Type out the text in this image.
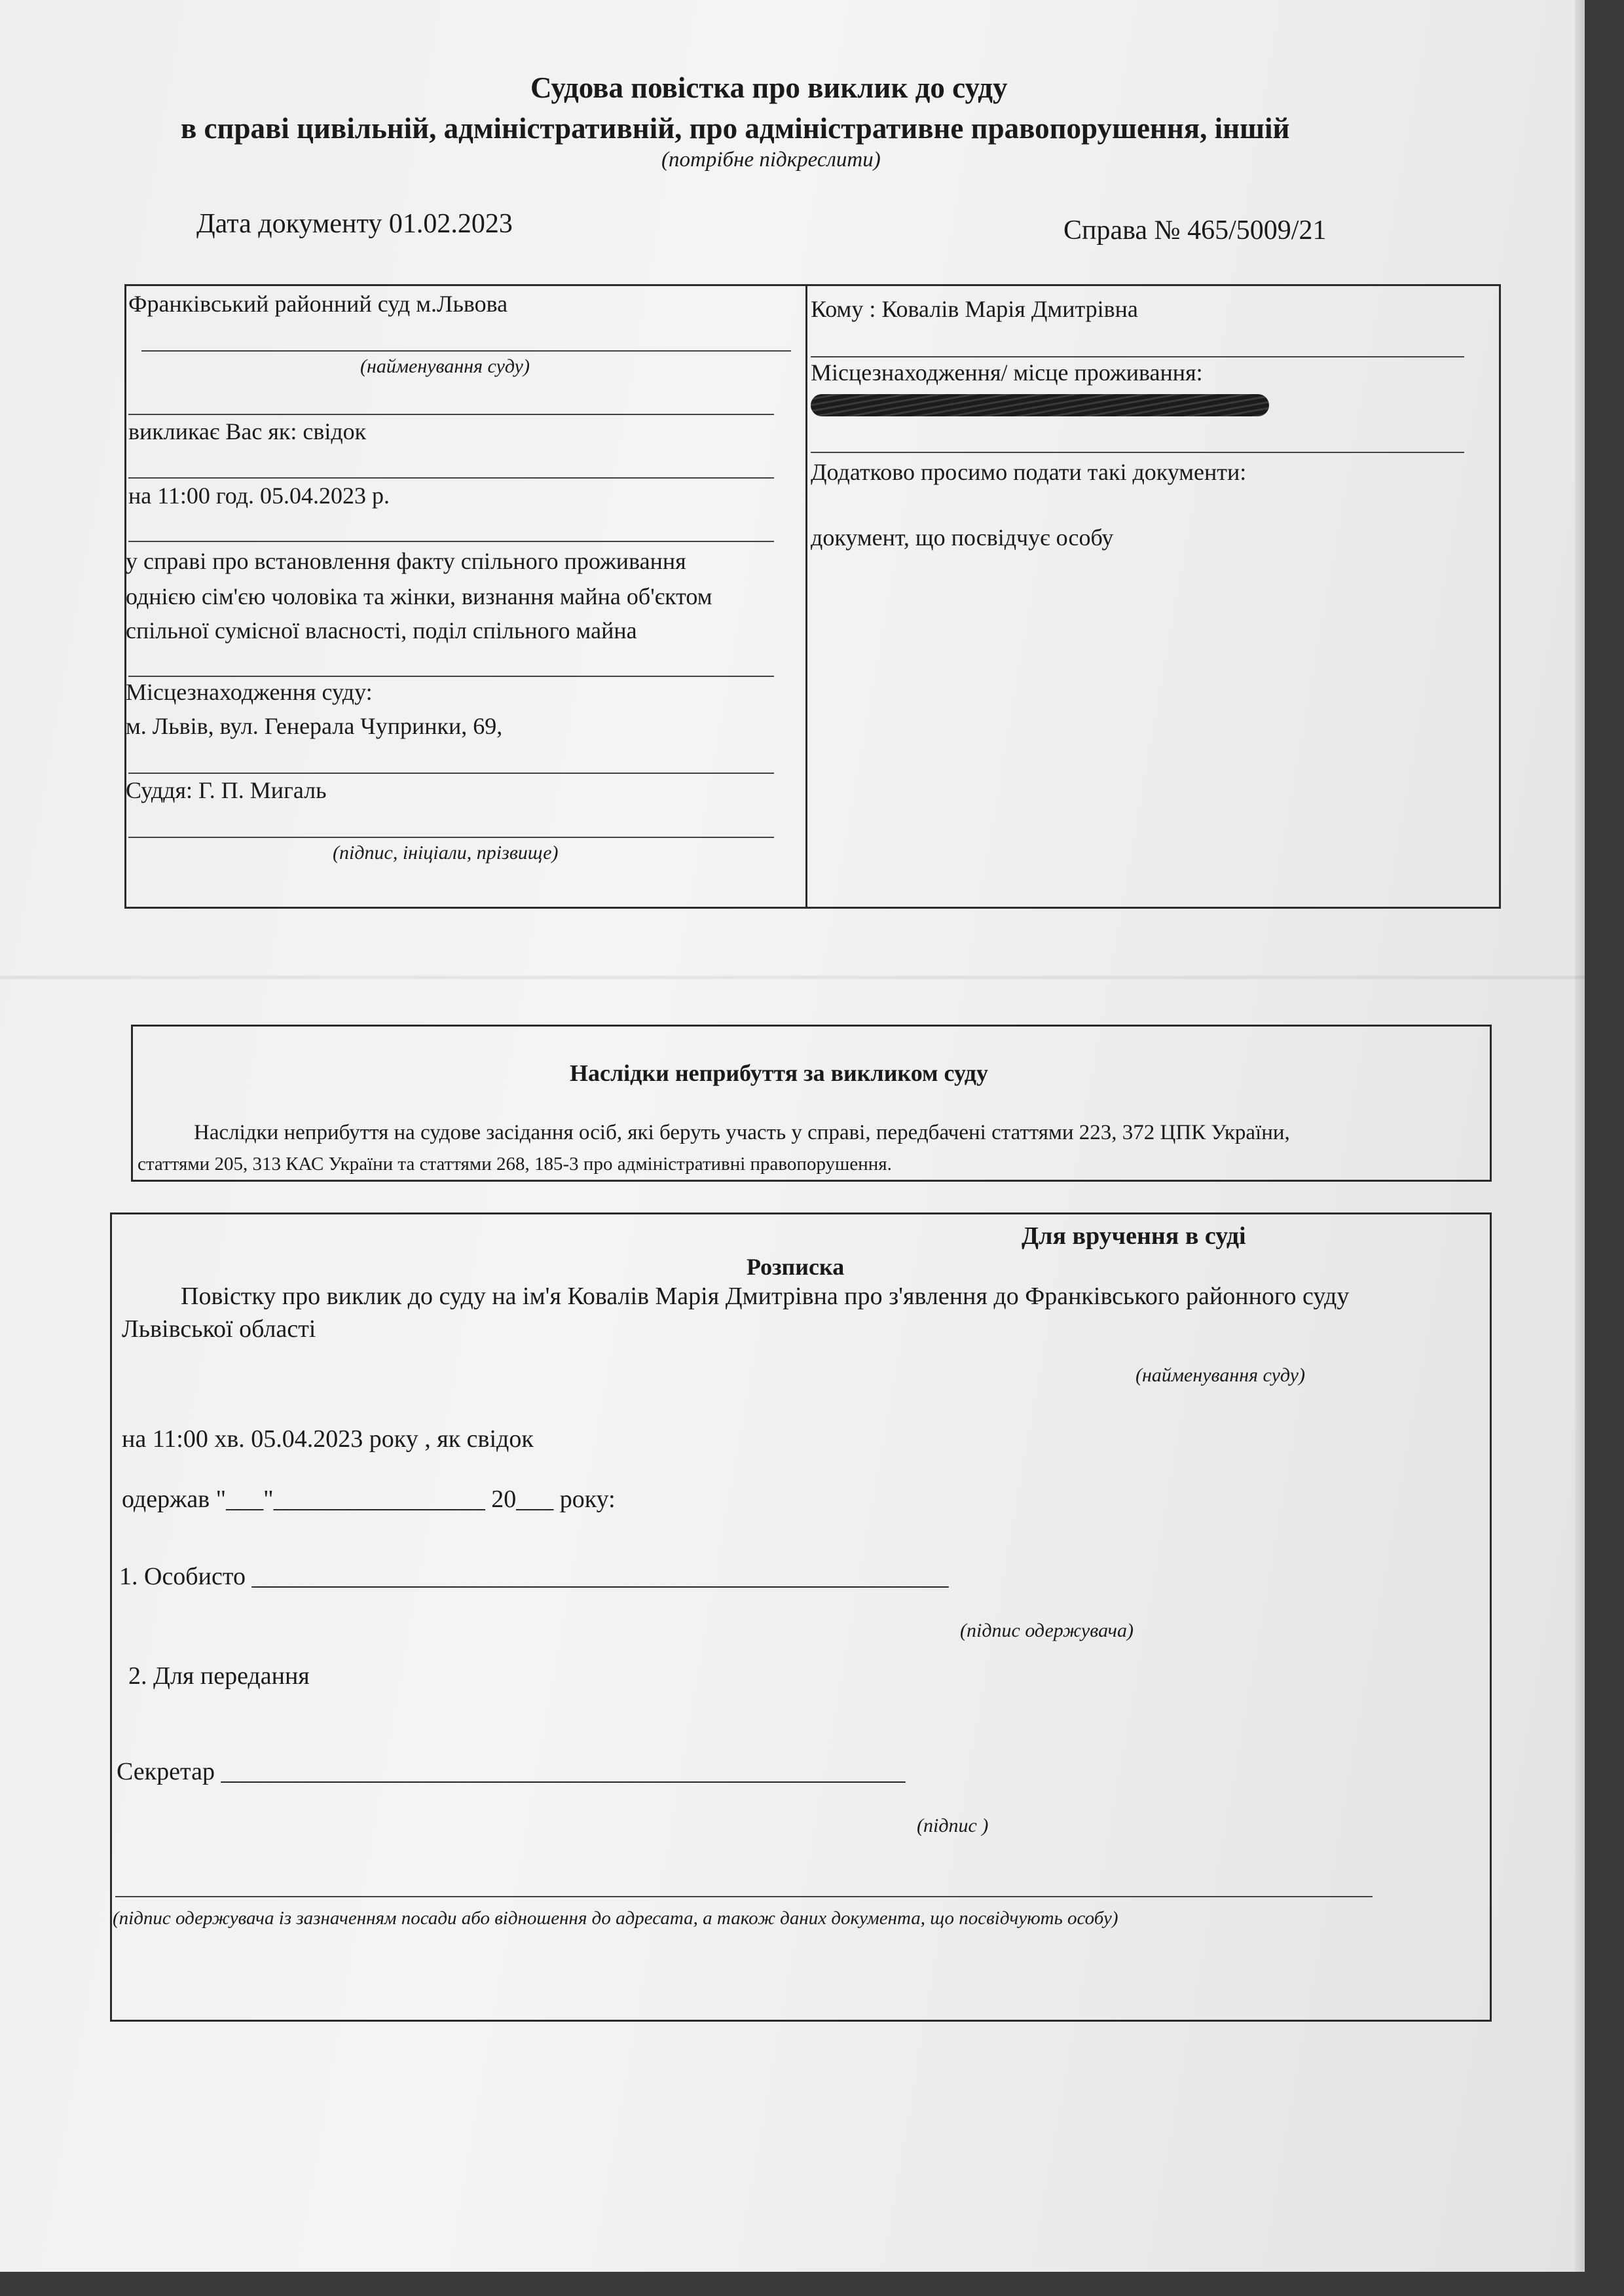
Судова повістка про виклик до суду
в справі цивільній, адміністративній, про адміністративне правопорушення, іншій
(потрібне підкреслити)
Дата документу 01.02.2023	Справа № 465/5009/21
Франківський районний суд м.Львова
(найменування суду)
викликає Вас як: свідок
на 11:00 год. 05.04.2023 р.
у справі про встановлення факту спільного проживання
однією сім'єю чоловіка та жінки, визнання майна об'єктом
спільної сумісної власності, поділ спільного майна
Місцезнаходження суду:
м. Львів, вул. Генерала Чупринки, 69,
Суддя: Г. П. Мигаль
(підпис, ініціали, прізвище)
Кому : Ковалів Марія Дмитрівна
Місцезнаходження/ місце проживання:
Додатково просимо подати такі документи:
документ, що посвідчує особу
Наслідки неприбуття за викликом суду
Наслідки неприбуття на судове засідання осіб, які беруть участь у справі, передбачені статтями 223, 372 ЦПК України,
статтями 205, 313 КАС України та статтями 268, 185-3 про адміністративні правопорушення.
Для вручення в суді
Розписка
Повістку про виклик до суду на ім'я Ковалів Марія Дмитрівна про з'явлення до Франківського районного суду
Львівської області
(найменування суду)
на 11:00 хв. 05.04.2023 року , як свідок
одержав "___"_________________ 20___ року:
1. Особисто ________________________________________________________
(підпис одержувача)
2. Для передання
Секретар _______________________________________________________
(підпис )
(підпис одержувача із зазначенням посади або відношення до адресата, а також даних документа, що посвідчують особу)
